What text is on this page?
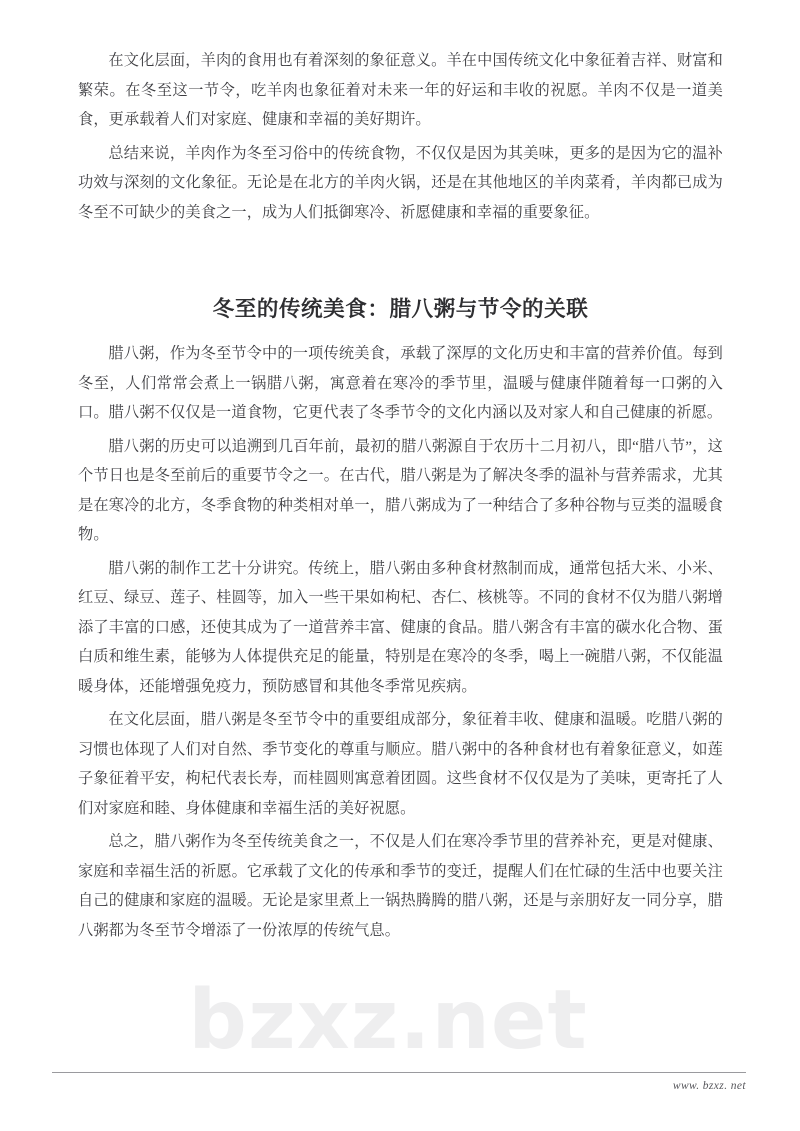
bzxz.net

在文化层面，羊肉的食用也有着深刻的象征意义。羊在中国传统文化中象征着吉祥、财富和繁荣。在冬至这一节令，吃羊肉也象征着对未来一年的好运和丰收的祝愿。羊肉不仅是一道美食，更承载着人们对家庭、健康和幸福的美好期许。

总结来说，羊肉作为冬至习俗中的传统食物，不仅仅是因为其美味，更多的是因为它的温补功效与深刻的文化象征。无论是在北方的羊肉火锅，还是在其他地区的羊肉菜肴，羊肉都已成为冬至不可缺少的美食之一，成为人们抵御寒冷、祈愿健康和幸福的重要象征。

冬至的传统美食：腊八粥与节令的关联

腊八粥，作为冬至节令中的一项传统美食，承载了深厚的文化历史和丰富的营养价值。每到冬至，人们常常会煮上一锅腊八粥，寓意着在寒冷的季节里，温暖与健康伴随着每一口粥的入口。腊八粥不仅仅是一道食物，它更代表了冬季节令的文化内涵以及对家人和自己健康的祈愿。

腊八粥的历史可以追溯到几百年前，最初的腊八粥源自于农历十二月初八，即“腊八节”，这个节日也是冬至前后的重要节令之一。在古代，腊八粥是为了解决冬季的温补与营养需求，尤其是在寒冷的北方，冬季食物的种类相对单一，腊八粥成为了一种结合了多种谷物与豆类的温暖食物。

腊八粥的制作工艺十分讲究。传统上，腊八粥由多种食材熬制而成，通常包括大米、小米、红豆、绿豆、莲子、桂圆等，加入一些干果如枸杞、杏仁、核桃等。不同的食材不仅为腊八粥增添了丰富的口感，还使其成为了一道营养丰富、健康的食品。腊八粥含有丰富的碳水化合物、蛋白质和维生素，能够为人体提供充足的能量，特别是在寒冷的冬季，喝上一碗腊八粥，不仅能温暖身体，还能增强免疫力，预防感冒和其他冬季常见疾病。

在文化层面，腊八粥是冬至节令中的重要组成部分，象征着丰收、健康和温暖。吃腊八粥的习惯也体现了人们对自然、季节变化的尊重与顺应。腊八粥中的各种食材也有着象征意义，如莲子象征着平安，枸杞代表长寿，而桂圆则寓意着团圆。这些食材不仅仅是为了美味，更寄托了人们对家庭和睦、身体健康和幸福生活的美好祝愿。

总之，腊八粥作为冬至传统美食之一，不仅是人们在寒冷季节里的营养补充，更是对健康、家庭和幸福生活的祈愿。它承载了文化的传承和季节的变迁，提醒人们在忙碌的生活中也要关注自己的健康和家庭的温暖。无论是家里煮上一锅热腾腾的腊八粥，还是与亲朋好友一同分享，腊八粥都为冬至节令增添了一份浓厚的传统气息。

www. bzxz. net
